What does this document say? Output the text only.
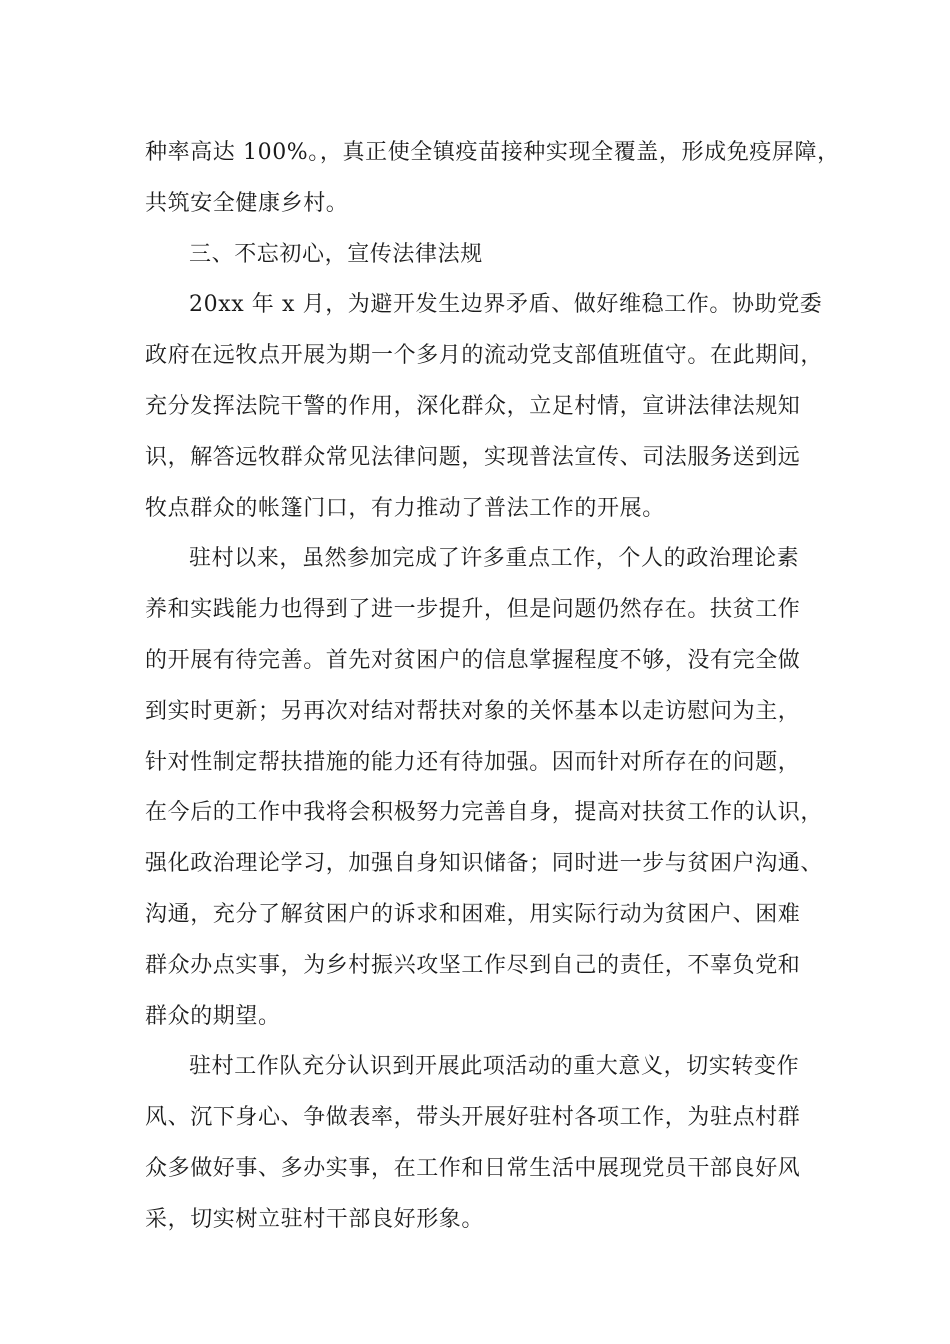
种率高达 100%。，真正使全镇疫苗接种实现全覆盖，形成免疫屏障，
共筑安全健康乡村。
三、不忘初心，宣传法律法规
20xx 年 x 月，为避开发生边界矛盾、做好维稳工作。协助党委
政府在远牧点开展为期一个多月的流动党支部值班值守。在此期间，
充分发挥法院干警的作用，深化群众，立足村情，宣讲法律法规知
识，解答远牧群众常见法律问题，实现普法宣传、司法服务送到远
牧点群众的帐篷门口，有力推动了普法工作的开展。
驻村以来，虽然参加完成了许多重点工作，个人的政治理论素
养和实践能力也得到了进一步提升，但是问题仍然存在。扶贫工作
的开展有待完善。首先对贫困户的信息掌握程度不够，没有完全做
到实时更新；另再次对结对帮扶对象的关怀基本以走访慰问为主，
针对性制定帮扶措施的能力还有待加强。因而针对所存在的问题，
在今后的工作中我将会积极努力完善自身，提高对扶贫工作的认识，
强化政治理论学习，加强自身知识储备；同时进一步与贫困户沟通、
沟通，充分了解贫困户的诉求和困难，用实际行动为贫困户、困难
群众办点实事，为乡村振兴攻坚工作尽到自己的责任，不辜负党和
群众的期望。
驻村工作队充分认识到开展此项活动的重大意义，切实转变作
风、沉下身心、争做表率，带头开展好驻村各项工作，为驻点村群
众多做好事、多办实事，在工作和日常生活中展现党员干部良好风
采，切实树立驻村干部良好形象。
